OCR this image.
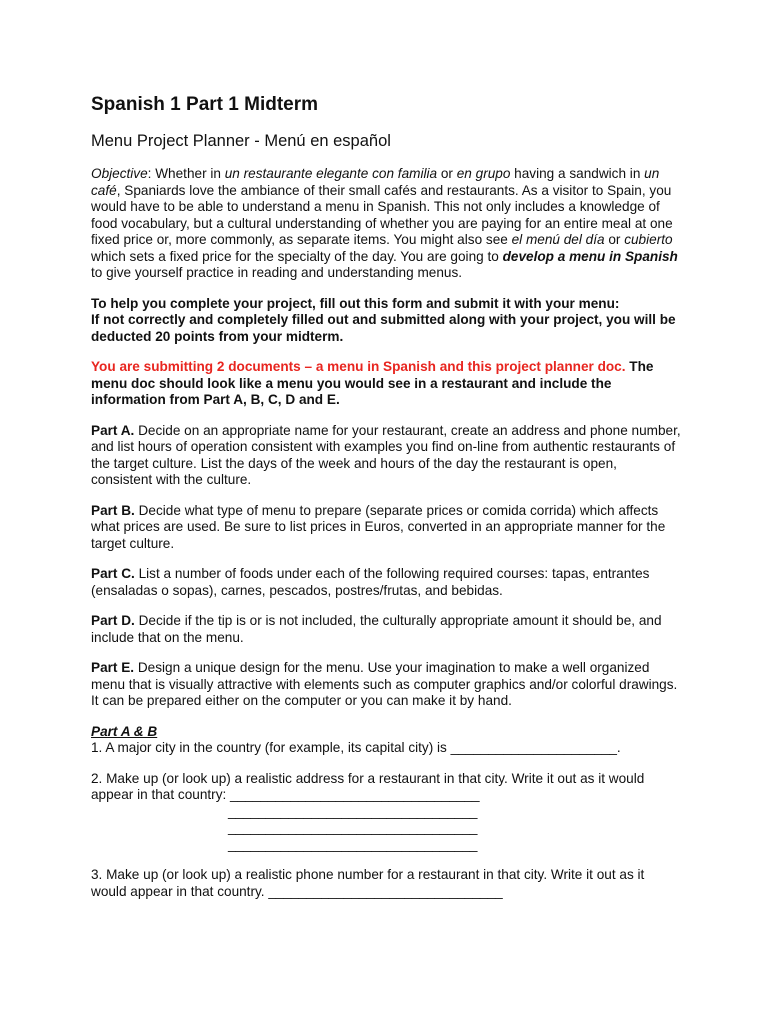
Spanish 1 Part 1 Midterm
Menu Project Planner - Menú en español

Objective: Whether in un restaurante elegante con familia or en grupo having a sandwich in un café, Spaniards love the ambiance of their small cafés and restaurants. As a visitor to Spain, you would have to be able to understand a menu in Spanish. This not only includes a knowledge of food vocabulary, but a cultural understanding of whether you are paying for an entire meal at one fixed price or, more commonly, as separate items. You might also see el menú del día or cubierto which sets a fixed price for the specialty of the day. You are going to develop a menu in Spanish to give yourself practice in reading and understanding menus.

To help you complete your project, fill out this form and submit it with your menu:
If not correctly and completely filled out and submitted along with your project, you will be deducted 20 points from your midterm.

You are submitting 2 documents – a menu in Spanish and this project planner doc. The menu doc should look like a menu you would see in a restaurant and include the information from Part A, B, C, D and E.

Part A. Decide on an appropriate name for your restaurant, create an address and phone number, and list hours of operation consistent with examples you find on-line from authentic restaurants of the target culture. List the days of the week and hours of the day the restaurant is open, consistent with the culture.

Part B. Decide what type of menu to prepare (separate prices or comida corrida) which affects what prices are used. Be sure to list prices in Euros, converted in an appropriate manner for the target culture.

Part C. List a number of foods under each of the following required courses: tapas, entrantes (ensaladas o sopas), carnes, pescados, postres/frutas, and bebidas.

Part D. Decide if the tip is or is not included, the culturally appropriate amount it should be, and include that on the menu.

Part E. Design a unique design for the menu. Use your imagination to make a well organized menu that is visually attractive with elements such as computer graphics and/or colorful drawings. It can be prepared either on the computer or you can make it by hand.

Part A & B
1. A major city in the country (for example, its capital city) is ______________________.

2. Make up (or look up) a realistic address for a restaurant in that city. Write it out as it would appear in that country: _________________________________
_________________________________
_________________________________
_________________________________

3. Make up (or look up) a realistic phone number for a restaurant in that city. Write it out as it would appear in that country. _______________________________
